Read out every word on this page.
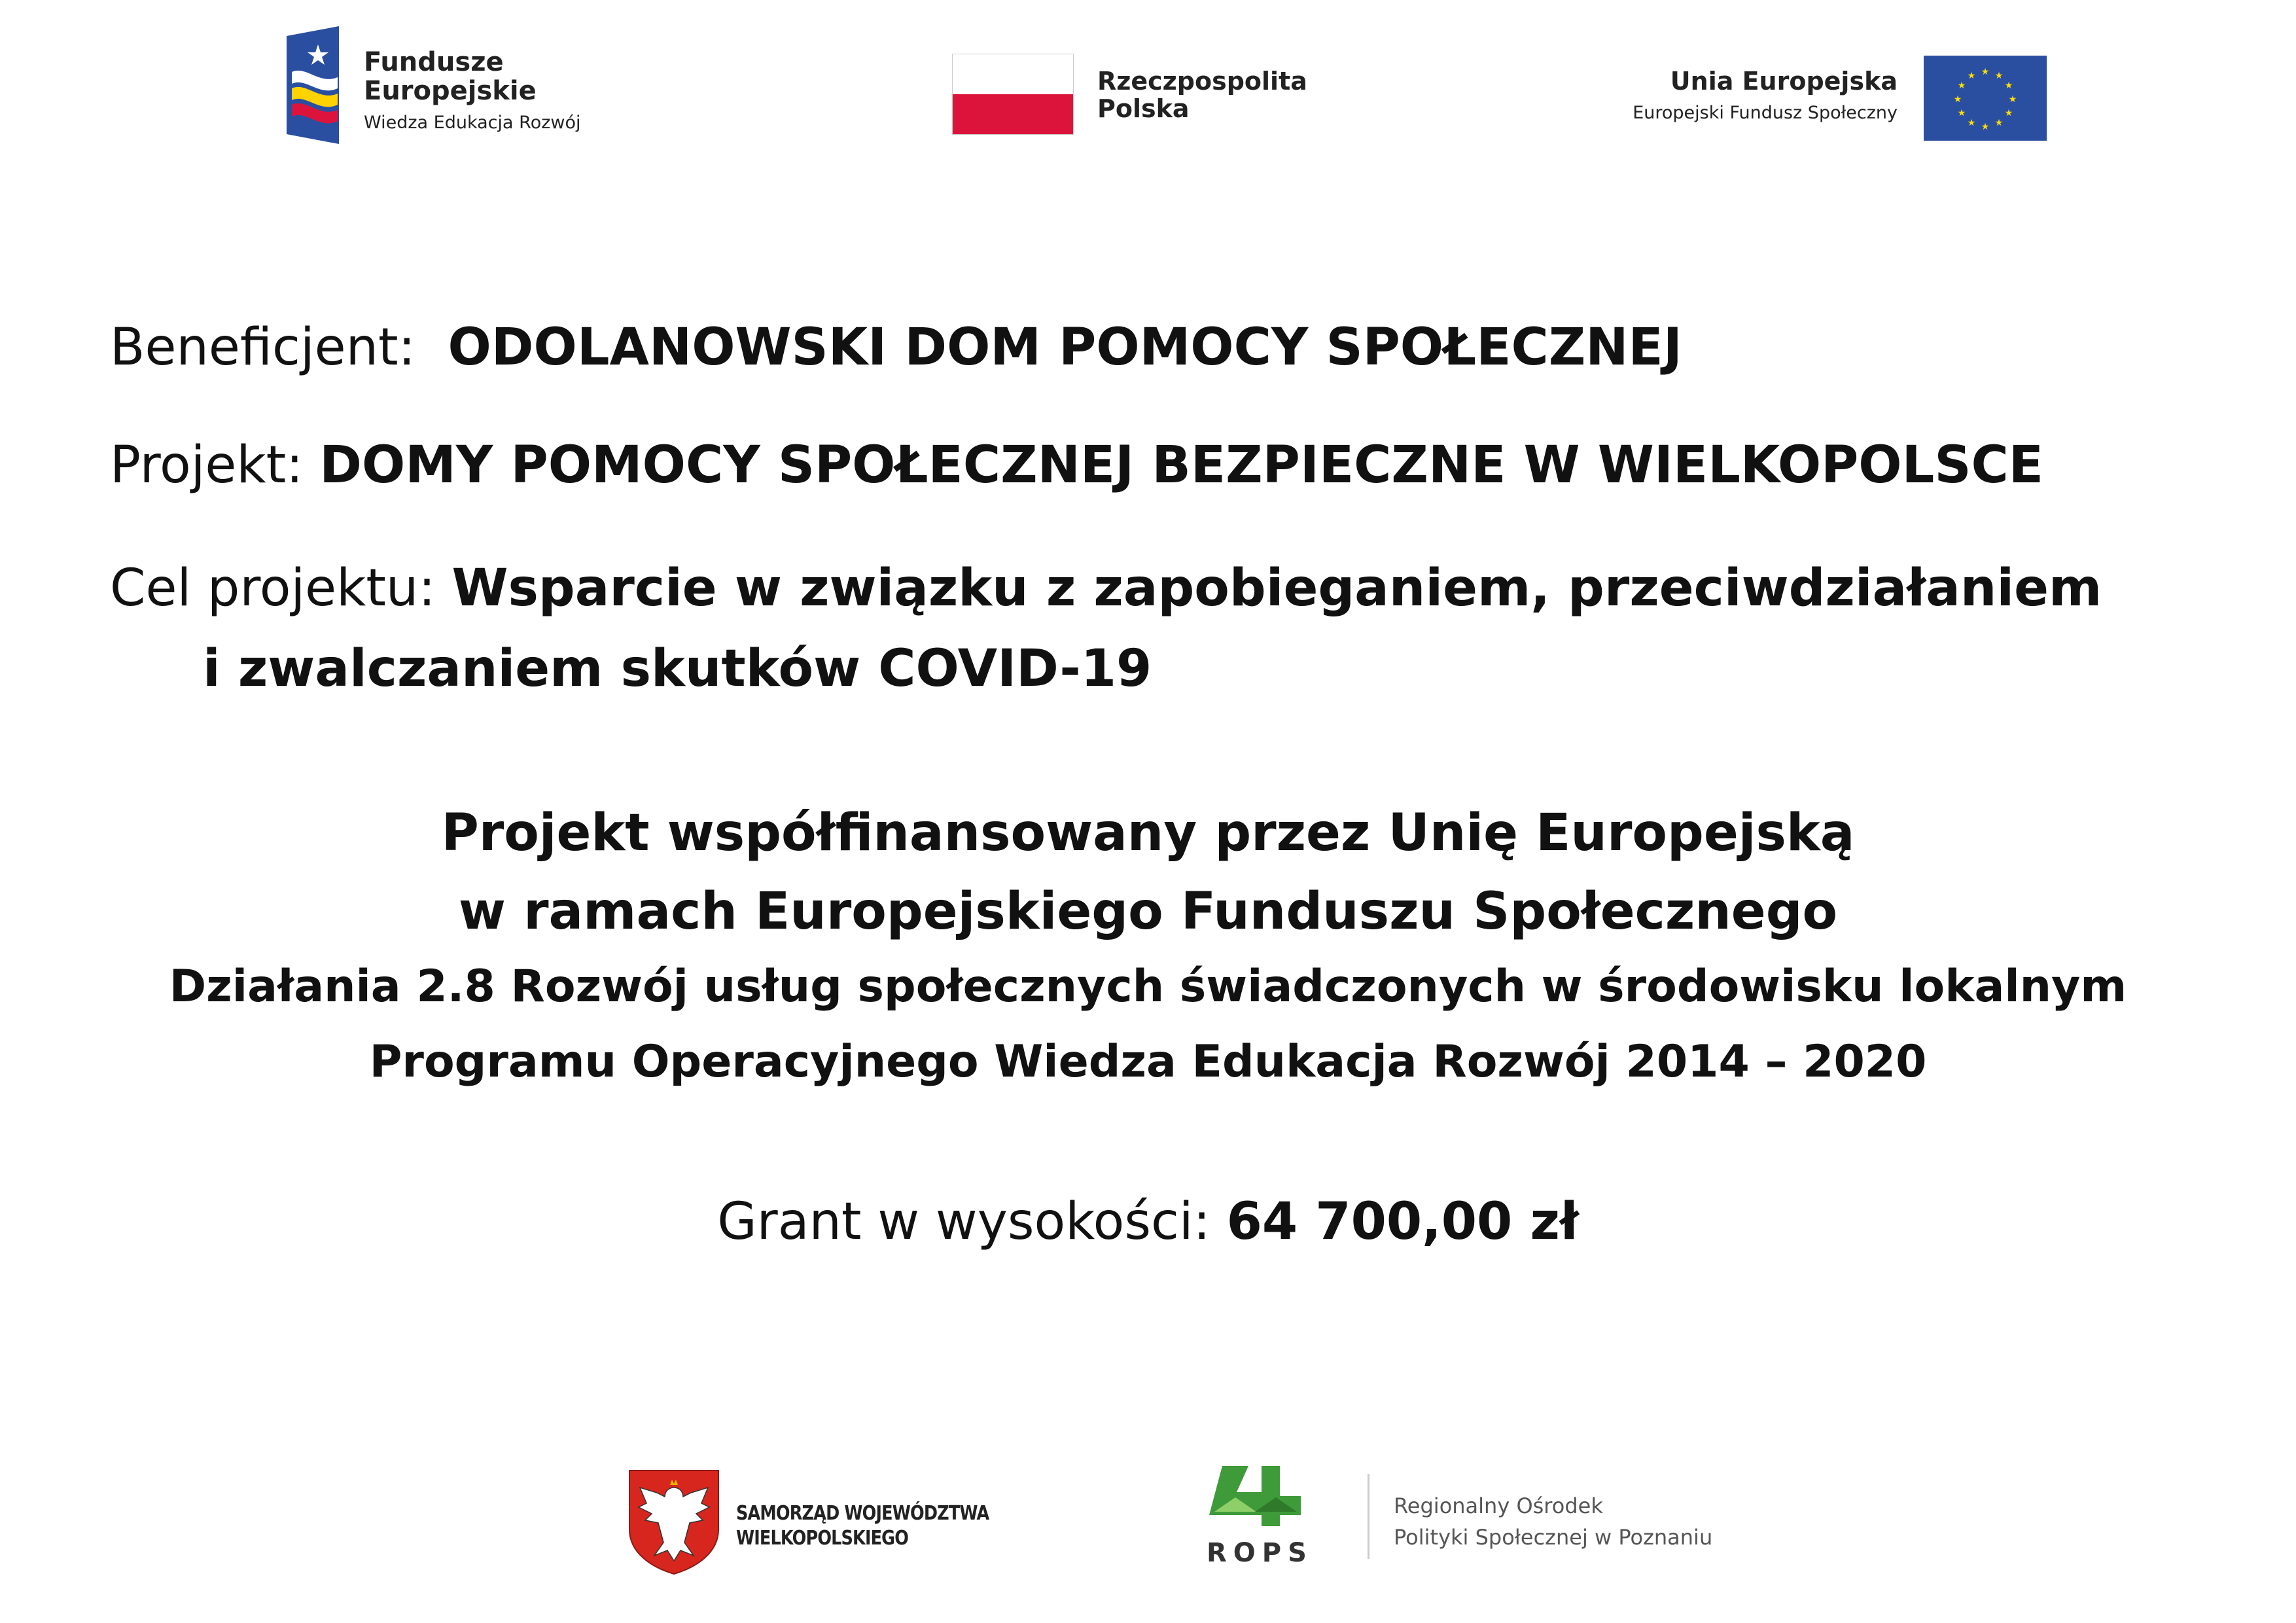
Fundusze
Europejskie
Wiedza Edukacja Rozwój
Rzeczpospolita
Polska
Unia Europejska
Europejski Fundusz Społeczny
★ ★
★
★
★
★
★
★
★
★
★
★
Beneficjent: ODOLANOWSKI DOM POMOCY SPOŁECZNEJ
Projekt: DOMY POMOCY SPOŁECZNEJ BEZPIECZNE W WIELKOPOLSCE
Cel projektu: Wsparcie w związku z zapobieganiem, przeciwdziałaniem
i zwalczaniem skutków COVID-19
Projekt współfinansowany przez Unię Europejską
w ramach Europejskiego Funduszu Społecznego
Działania 2.8 Rozwój usług społecznych świadczonych w środowisku lokalnym
Programu Operacyjnego Wiedza Edukacja Rozwój 2014 – 2020
Grant w wysokości: 64 700,00 zł
SAMORZĄD WOJEWÓDZTWA
WIELKOPOLSKIEGO	ROPS
Regionalny Ośrodek
Polityki Społecznej w Poznaniu
